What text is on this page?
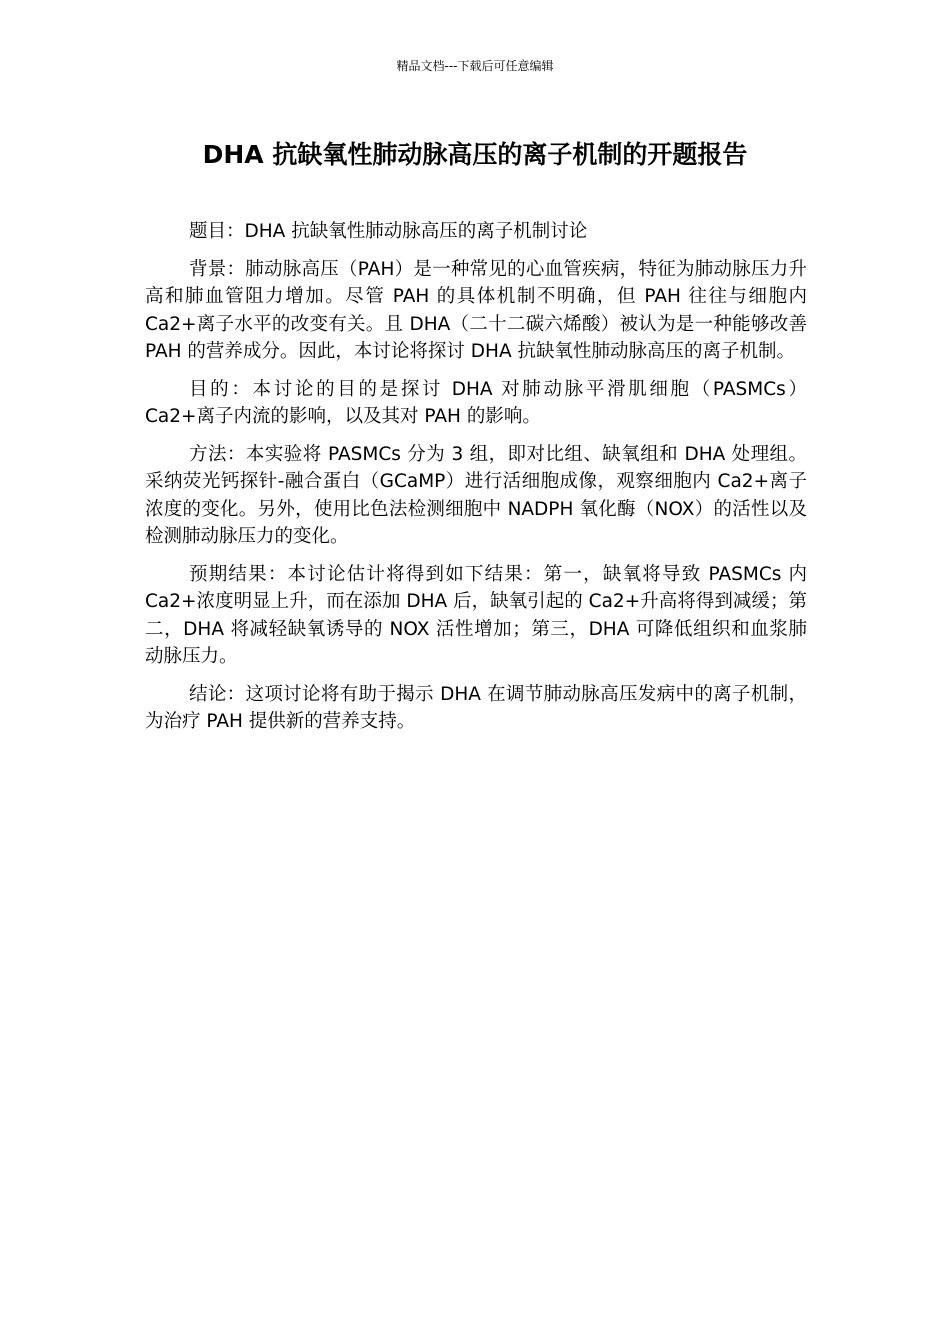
精品文档---下载后可任意编辑
DHA 抗缺氧性肺动脉高压的离子机制的开题报告

题目：DHA 抗缺氧性肺动脉高压的离子机制讨论

背景：肺动脉高压（PAH）是一种常见的心血管疾病，特征为肺动脉压力升高和肺血管阻力增加。尽管 PAH 的具体机制不明确，但 PAH 往往与细胞内 Ca2+离子水平的改变有关。且 DHA（二十二碳六烯酸）被认为是一种能够改善 PAH 的营养成分。因此，本讨论将探讨 DHA 抗缺氧性肺动脉高压的离子机制。

目的：本讨论的目的是探讨 DHA 对肺动脉平滑肌细胞（PASMCs）Ca2+离子内流的影响，以及其对 PAH 的影响。

方法：本实验将 PASMCs 分为 3 组，即对比组、缺氧组和 DHA 处理组。采纳荧光钙探针-融合蛋白（GCaMP）进行活细胞成像，观察细胞内 Ca2+离子浓度的变化。另外，使用比色法检测细胞中 NADPH 氧化酶（NOX）的活性以及检测肺动脉压力的变化。

预期结果：本讨论估计将得到如下结果：第一，缺氧将导致 PASMCs 内 Ca2+浓度明显上升，而在添加 DHA 后，缺氧引起的 Ca2+升高将得到减缓；第二，DHA 将减轻缺氧诱导的 NOX 活性增加；第三，DHA 可降低组织和血浆肺动脉压力。

结论：这项讨论将有助于揭示 DHA 在调节肺动脉高压发病中的离子机制，为治疗 PAH 提供新的营养支持。
